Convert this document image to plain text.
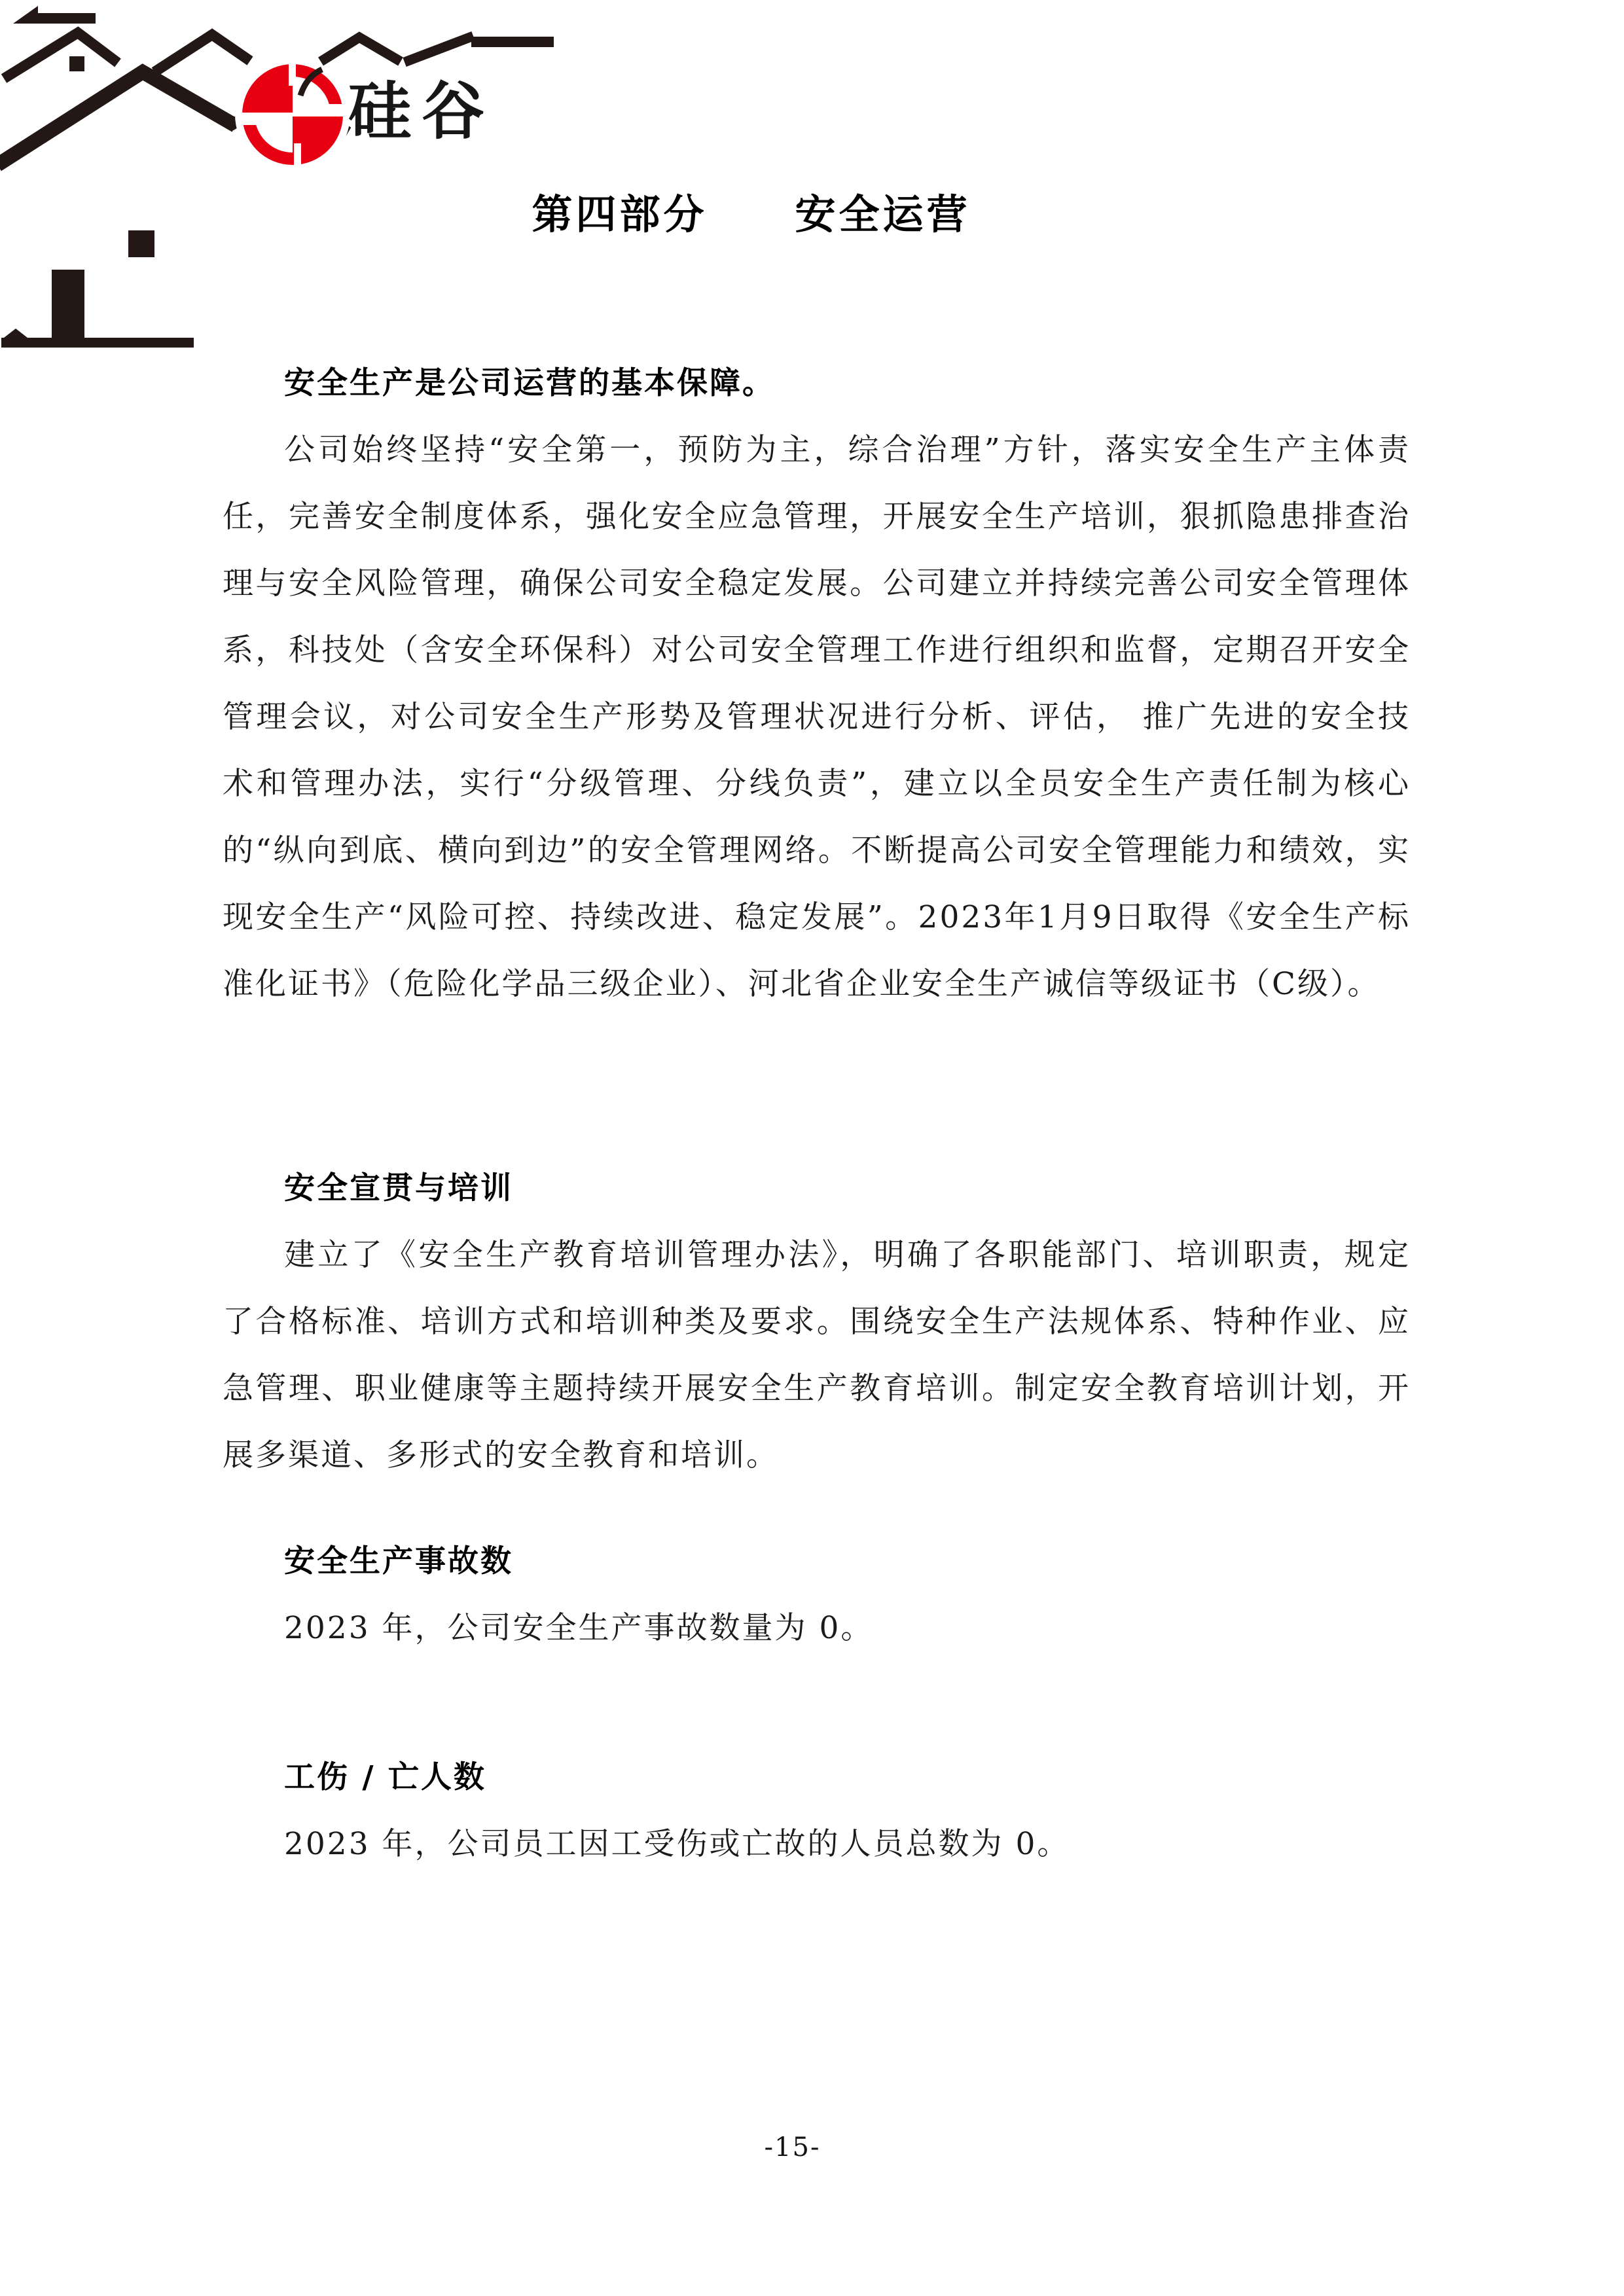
硅谷
第四部分　　安全运营

安全生产是公司运营的基本保障。

公司始终坚持“安全第一，预防为主，综合治理”方针，落实安全生产主体责任，完善安全制度体系，强化安全应急管理，开展安全生产培训，狠抓隐患排查治理与安全风险管理，确保公司安全稳定发展。公司建立并持续完善公司安全管理体系，科技处（含安全环保科）对公司安全管理工作进行组织和监督，定期召开安全管理会议，对公司安全生产形势及管理状况进行分析、评估， 推广先进的安全技术和管理办法，实行“分级管理、分线负责”，建立以全员安全生产责任制为核心的“纵向到底、横向到边”的安全管理网络。不断提高公司安全管理能力和绩效，实现安全生产“风险可控、持续改进、稳定发展”。2023年1月9日取得《安全生产标准化证书》（危险化学品三级企业）、河北省企业安全生产诚信等级证书（C级）。

安全宣贯与培训

建立了《安全生产教育培训管理办法》，明确了各职能部门、培训职责，规定了合格标准、培训方式和培训种类及要求。围绕安全生产法规体系、特种作业、应急管理、职业健康等主题持续开展安全生产教育培训。制定安全教育培训计划，开展多渠道、多形式的安全教育和培训。

安全生产事故数

2023 年，公司安全生产事故数量为 0。

工伤 / 亡人数

2023 年，公司员工因工受伤或亡故的人员总数为 0。

-15-
